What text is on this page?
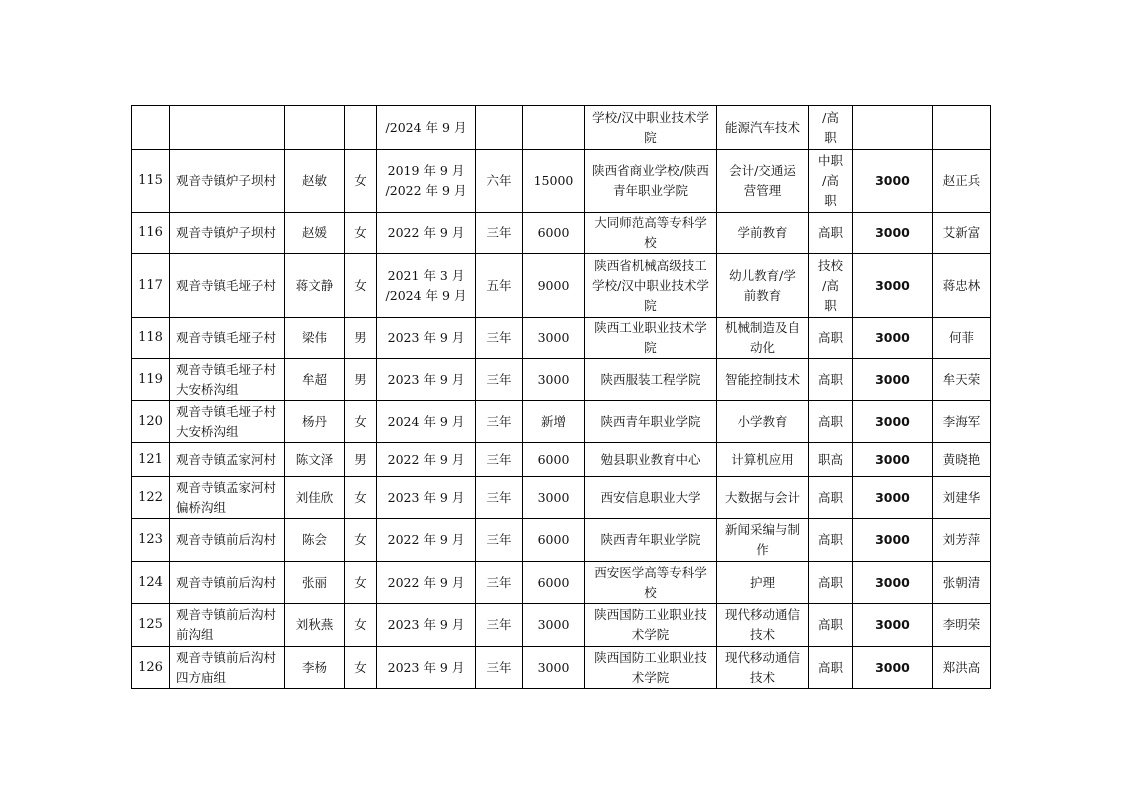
				/2024 年 9 月			学校/汉中职业技术学
院	能源汽车技术	/高
职		
115	观音寺镇炉子坝村	赵敏	女	2019 年 9 月
/2022 年 9 月	六年	15000	陕西省商业学校/陕西
青年职业学院	会计/交通运
营管理	中职
/高
职	3000	赵正兵
116	观音寺镇炉子坝村	赵媛	女	2022 年 9 月	三年	6000	大同师范高等专科学
校	学前教育	高职	3000	艾新富
117	观音寺镇毛垭子村	蒋文静	女	2021 年 3 月
/2024 年 9 月	五年	9000	陕西省机械高级技工
学校/汉中职业技术学
院	幼儿教育/学
前教育	技校
/高
职	3000	蒋忠林
118	观音寺镇毛垭子村	梁伟	男	2023 年 9 月	三年	3000	陕西工业职业技术学
院	机械制造及自
动化	高职	3000	何菲
119	观音寺镇毛垭子村
大安桥沟组	牟超	男	2023 年 9 月	三年	3000	陕西服装工程学院	智能控制技术	高职	3000	牟天荣
120	观音寺镇毛垭子村
大安桥沟组	杨丹	女	2024 年 9 月	三年	新增	陕西青年职业学院	小学教育	高职	3000	李海军
121	观音寺镇孟家河村	陈文泽	男	2022 年 9 月	三年	6000	勉县职业教育中心	计算机应用	职高	3000	黄晓艳
122	观音寺镇孟家河村
偏桥沟组	刘佳欣	女	2023 年 9 月	三年	3000	西安信息职业大学	大数据与会计	高职	3000	刘建华
123	观音寺镇前后沟村	陈会	女	2022 年 9 月	三年	6000	陕西青年职业学院	新闻采编与制
作	高职	3000	刘芳萍
124	观音寺镇前后沟村	张丽	女	2022 年 9 月	三年	6000	西安医学高等专科学
校	护理	高职	3000	张朝清
125	观音寺镇前后沟村
前沟组	刘秋燕	女	2023 年 9 月	三年	3000	陕西国防工业职业技
术学院	现代移动通信
技术	高职	3000	李明荣
126	观音寺镇前后沟村
四方庙组	李杨	女	2023 年 9 月	三年	3000	陕西国防工业职业技
术学院	现代移动通信
技术	高职	3000	郑洪高
